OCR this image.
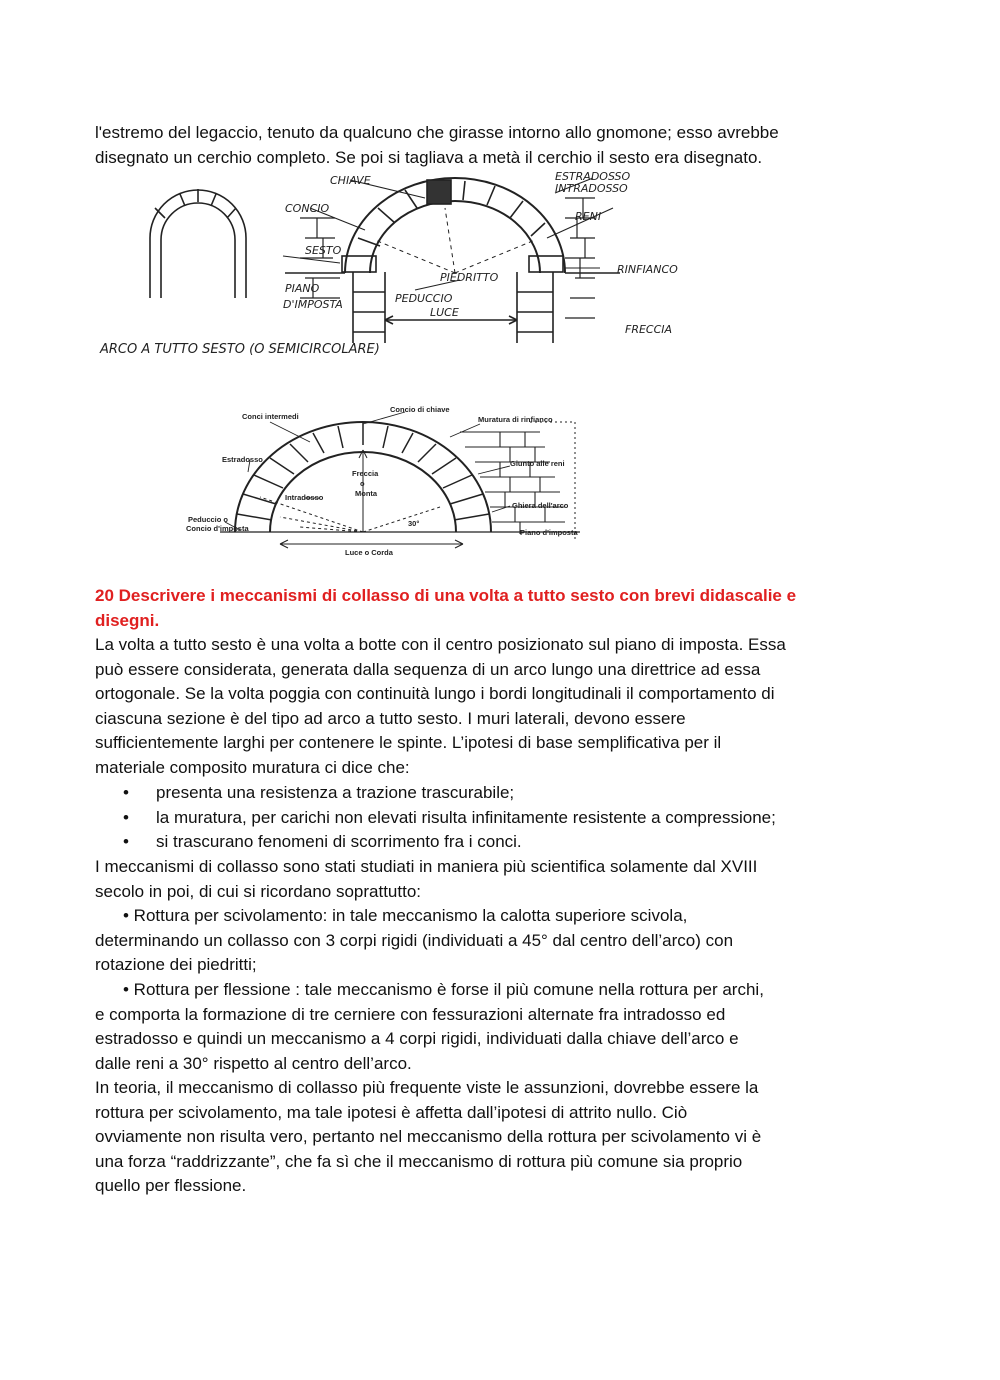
l'estremo del legaccio, tenuto da qualcuno che girasse intorno allo gnomone; esso avrebbe
disegnato un cerchio completo. Se poi si tagliava a metà il cerchio il sesto era disegnato.
CHIAVE
CONCIO
SESTO
PIANO
D'IMPOSTA
ESTRADOSSO
INTRADOSSO
RENI
PIEDRITTO
RINFIANCO
PEDUCCIO
LUCE
FRECCIA
ARCO A TUTTO SESTO (O SEMICIRCOLARE)
Conci intermedi
Concio di chiave
Muratura di rinfianco
Estradosso	Giunto alle reni
Freccia
o
Monta
Intradosso
Ghiera dell'arco
Peduccio o
Concio d'imposta
30°
Piano d'imposta
Luce o Corda
20 Descrivere i meccanismi di collasso di una volta a tutto sesto con brevi didascalie e
disegni.
La volta a tutto sesto è una volta a botte con il centro posizionato sul piano di imposta. Essa
può essere considerata, generata dalla sequenza di un arco lungo una direttrice ad essa
ortogonale. Se la volta poggia con continuità lungo i bordi longitudinali il comportamento di
ciascuna sezione è del tipo ad arco a tutto sesto. I muri laterali, devono essere
sufficientemente larghi per contenere le spinte. L’ipotesi di base semplificativa per il
materiale composito muratura ci dice che:
• presenta una resistenza a trazione trascurabile;
• la muratura, per carichi non elevati risulta infinitamente resistente a compressione;
• si trascurano fenomeni di scorrimento fra i conci.
I meccanismi di collasso sono stati studiati in maniera più scientifica solamente dal XVIII
secolo in poi, di cui si ricordano soprattutto:
• Rottura per scivolamento: in tale meccanismo la calotta superiore scivola,
determinando un collasso con 3 corpi rigidi (individuati a 45° dal centro dell’arco) con
rotazione dei piedritti;
• Rottura per flessione : tale meccanismo è forse il più comune nella rottura per archi,
e comporta la formazione di tre cerniere con fessurazioni alternate fra intradosso ed
estradosso e quindi un meccanismo a 4 corpi rigidi, individuati dalla chiave dell’arco e
dalle reni a 30° rispetto al centro dell’arco.
In teoria, il meccanismo di collasso più frequente viste le assunzioni, dovrebbe essere la
rottura per scivolamento, ma tale ipotesi è affetta dall’ipotesi di attrito nullo. Ciò
ovviamente non risulta vero, pertanto nel meccanismo della rottura per scivolamento vi è
una forza “raddrizzante”, che fa sì che il meccanismo di rottura più comune sia proprio
quello per flessione.
